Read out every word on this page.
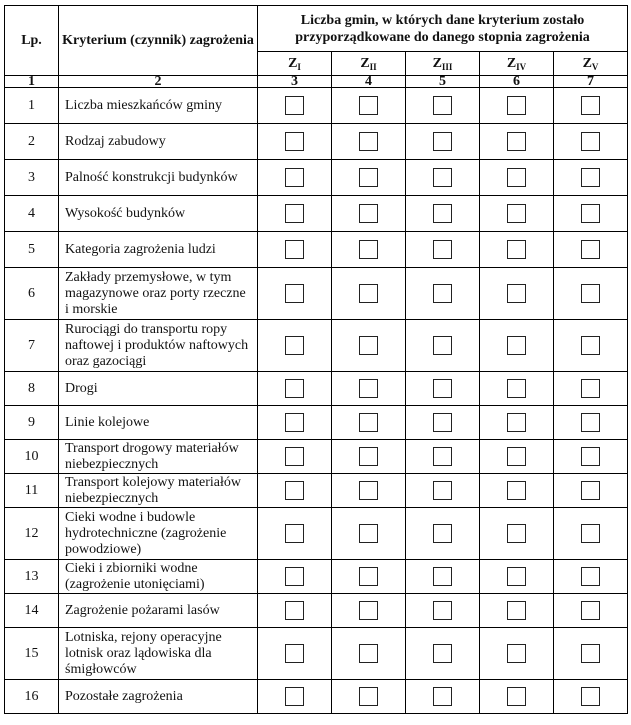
Lp.	Kryterium (czynnik) zagrożenia	Liczba gmin, w których dane kryterium zostało przyporządkowane do danego stopnia zagrożenia				
		$Z_I$	$Z_{II}$	$Z_{III}$	$Z_{IV}$	$Z_V$
1	2	3	4	5	6	7
1	Liczba mieszkańców gminy					
2	Rodzaj zabudowy					
3	Palność konstrukcji budynków					
4	Wysokość budynków					
5	Kategoria zagrożenia ludzi					
6	Zakłady przemysłowe, w tym magazynowe oraz porty rzeczne i morskie					
7	Rurociągi do transportu ropy naftowej i produktów naftowych oraz gazociągi					
8	Drogi					
9	Linie kolejowe					
10	Transport drogowy materiałów niebezpiecznych					
11	Transport kolejowy materiałów niebezpiecznych					
12	Cieki wodne i budowle hydrotechniczne (zagrożenie powodziowe)					
13	Cieki i zbiorniki wodne (zagrożenie utonięciami)					
14	Zagrożenie pożarami lasów					
15	Lotniska, rejony operacyjne lotnisk oraz lądowiska dla śmigłowców					
16	Pozostałe zagrożenia					
